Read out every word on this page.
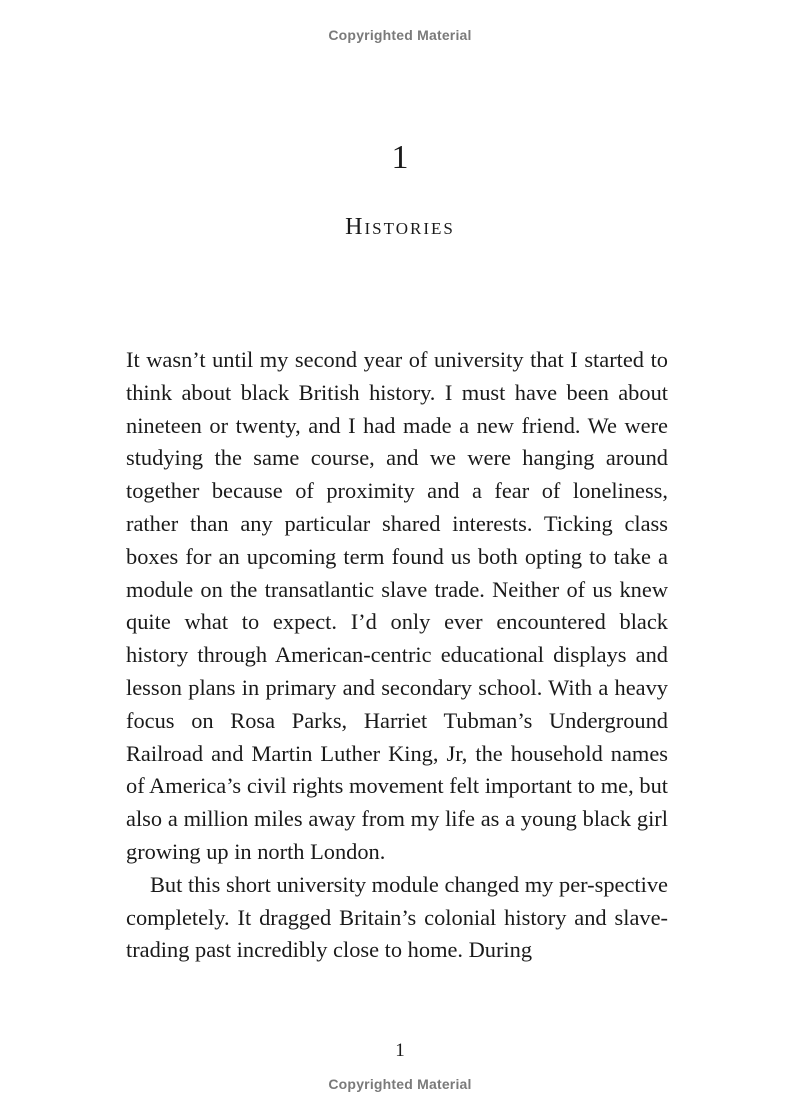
Copyrighted Material
1
Histories

It wasn’t until my second year of university that I started to think about black British history. I must have been about nineteen or twenty, and I had made a new friend. We were studying the same course, and we were hanging around together because of proximity and a fear of loneliness, rather than any particular shared interests. Ticking class boxes for an upcoming term found us both opting to take a module on the transatlantic slave trade. Neither of us knew quite what to expect. I’d only ever encountered black history through American-centric educational displays and lesson plans in primary and secondary school. With a heavy focus on Rosa Parks, Harriet Tubman’s Underground Railroad and Martin Luther King, Jr, the household names of America’s civil rights movement felt important to me, but also a million miles away from my life as a young black girl growing up in north London.

But this short university module changed my per-spective completely. It dragged Britain’s colonial history and slave-trading past incredibly close to home. During

1
Copyrighted Material
